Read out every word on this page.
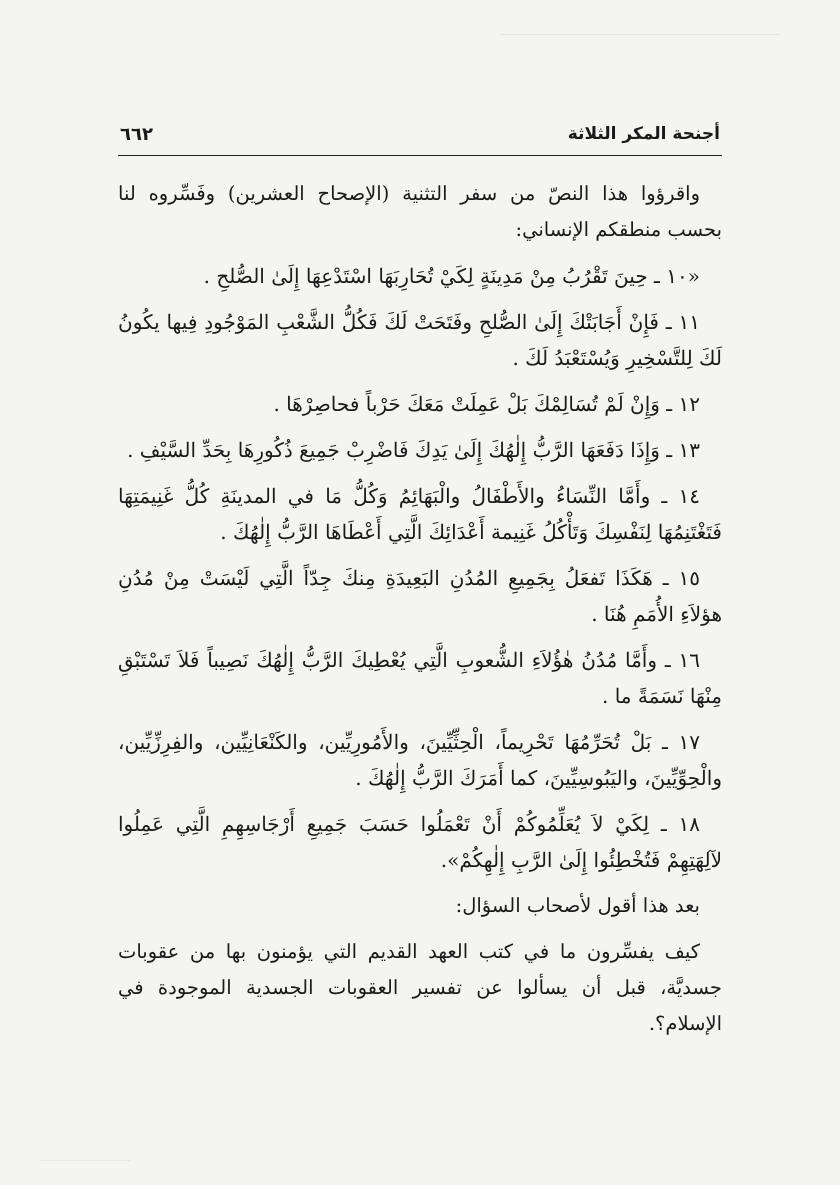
أجنحة المكر الثلاثة
٦٦٢

واقرؤوا هذا النصّ من سفر التثنية (الإصحاح العشرين) وفَسِّروه لنا بحسب منطقكم الإنساني:

«١٠ ـ حِينَ تَقْرُبُ مِنْ مَدِينَةٍ لِكَيْ تُحَارِبَهَا اسْتَدْعِهَا إِلَىٰ الصُّلحِ .

١١ ـ فَإِنْ أَجَابَتْكَ إِلَىٰ الصُّلحِ وفَتَحَتْ لَكَ فَكُلُّ الشَّعْبِ المَوْجُودِ فِيها يكُونُ لَكَ لِلتَّسْخِيرِ وَيُسْتَعْبَدُ لَكَ .

١٢ ـ وَإِنْ لَمْ تُسَالِمْكَ بَلْ عَمِلَتْ مَعَكَ حَرْباً فحاصِرْهَا .

١٣ ـ وَإِذَا دَفَعَهَا الرَّبُّ إِلٰهُكَ إِلَىٰ يَدِكَ فَاضْرِبْ جَمِيعَ ذُكُورِهَا بِحَدِّ السَّيْفِ .

١٤ ـ وأَمَّا النِّسَاءُ والأَطْفَالُ والْبَهَائِمُ وَكُلُّ مَا في المدينَةِ كُلُّ غَنِيمَتِهَا فَتَغْتَنِمُهَا لِنَفْسِكَ وَتَأْكُلُ غَنِيمة أَعْدَائِكَ الَّتِي أَعْطَاهَا الرَّبُّ إِلٰهُكَ .

١٥ ـ هَكَذَا تَفعَلُ بِجَمِيعِ المُدُنِ البَعِيدَةِ مِنكَ جِدّاً الَّتِي لَيْسَتْ مِنْ مُدُنِ هؤلاَءِ الأُمَمِ هُنَا .

١٦ ـ وأَمَّا مُدُنُ هٰؤُلاَءِ الشُّعوبِ الَّتِي يُعْطِيكَ الرَّبُّ إِلٰهُكَ نَصِيباً فَلاَ تَسْتَبْقِ مِنْهَا نَسَمَةً ما .

١٧ ـ بَلْ تُحَرِّمُهَا تَحْرِيماً، الْحِثِّيِّينَ، والأَمُورِيِّين، والكَنْعَانِيِّين، والفِرِزِّيِّين، والْحِوِّيِّينَ، واليَبُوسِيِّينَ، كما أَمَرَكَ الرَّبُّ إِلٰهُكَ .

١٨ ـ لِكَيْ لاَ يُعَلِّمُوكُمْ أَنْ تَعْمَلُوا حَسَبَ جَمِيعِ أَرْجَاسِهِمِ الَّتِي عَمِلُوا لآلِهَتِهِمْ فَتُخْطِئُوا إِلَىٰ الرَّبِ إِلٰهِكُمْ».

بعد هذا أقول لأصحاب السؤال:

كيف يفسِّرون ما في كتب العهد القديم التي يؤمنون بها من عقوبات جسديَّة، قبل أن يسألوا عن تفسير العقوبات الجسدية الموجودة في الإسلام؟.
